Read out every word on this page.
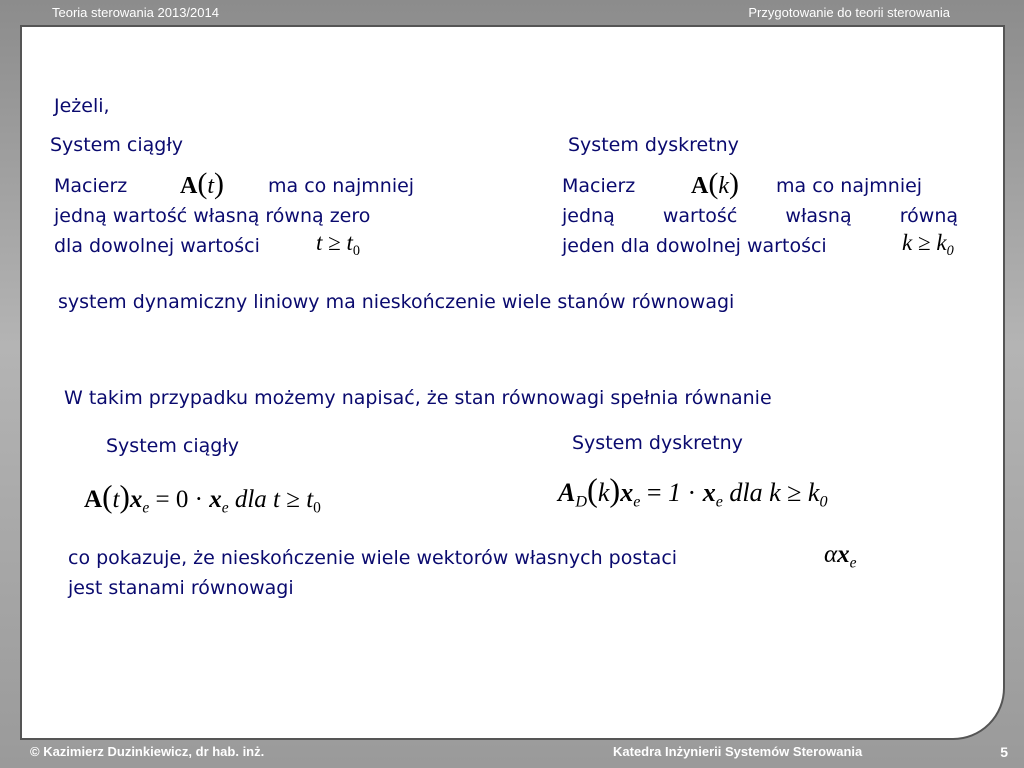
Teoria sterowania 2013/2014	Przygotowanie do teorii sterowania
Jeżeli,
System ciągły	System dyskretny
Macierz A(t) ma co najmniej
jedną wartość własną równą zero
dla dowolnej wartości $t \ge t_0$
Macierz A(k) ma co najmniej
jedną wartość własną równą
jeden dla dowolnej wartości	$k \ge k_0$
system dynamiczny liniowy ma nieskończenie wiele stanów równowagi
W takim przypadku możemy napisać, że stan równowagi spełnia równanie
System ciągły	System dyskretny
$A(t)x_e = 0 \cdot x_e$ dla $t \ge t_0$
$A_D(k)x_e = 1 \cdot x_e$ dla $k \ge k_0$
co pokazuje, że nieskończenie wiele wektorów własnych postaci	$\alpha x_e$
jest stanami równowagi
© Kazimierz Duzinkiewicz, dr hab. inż.	Katedra Inżynierii Systemów Sterowania	5
